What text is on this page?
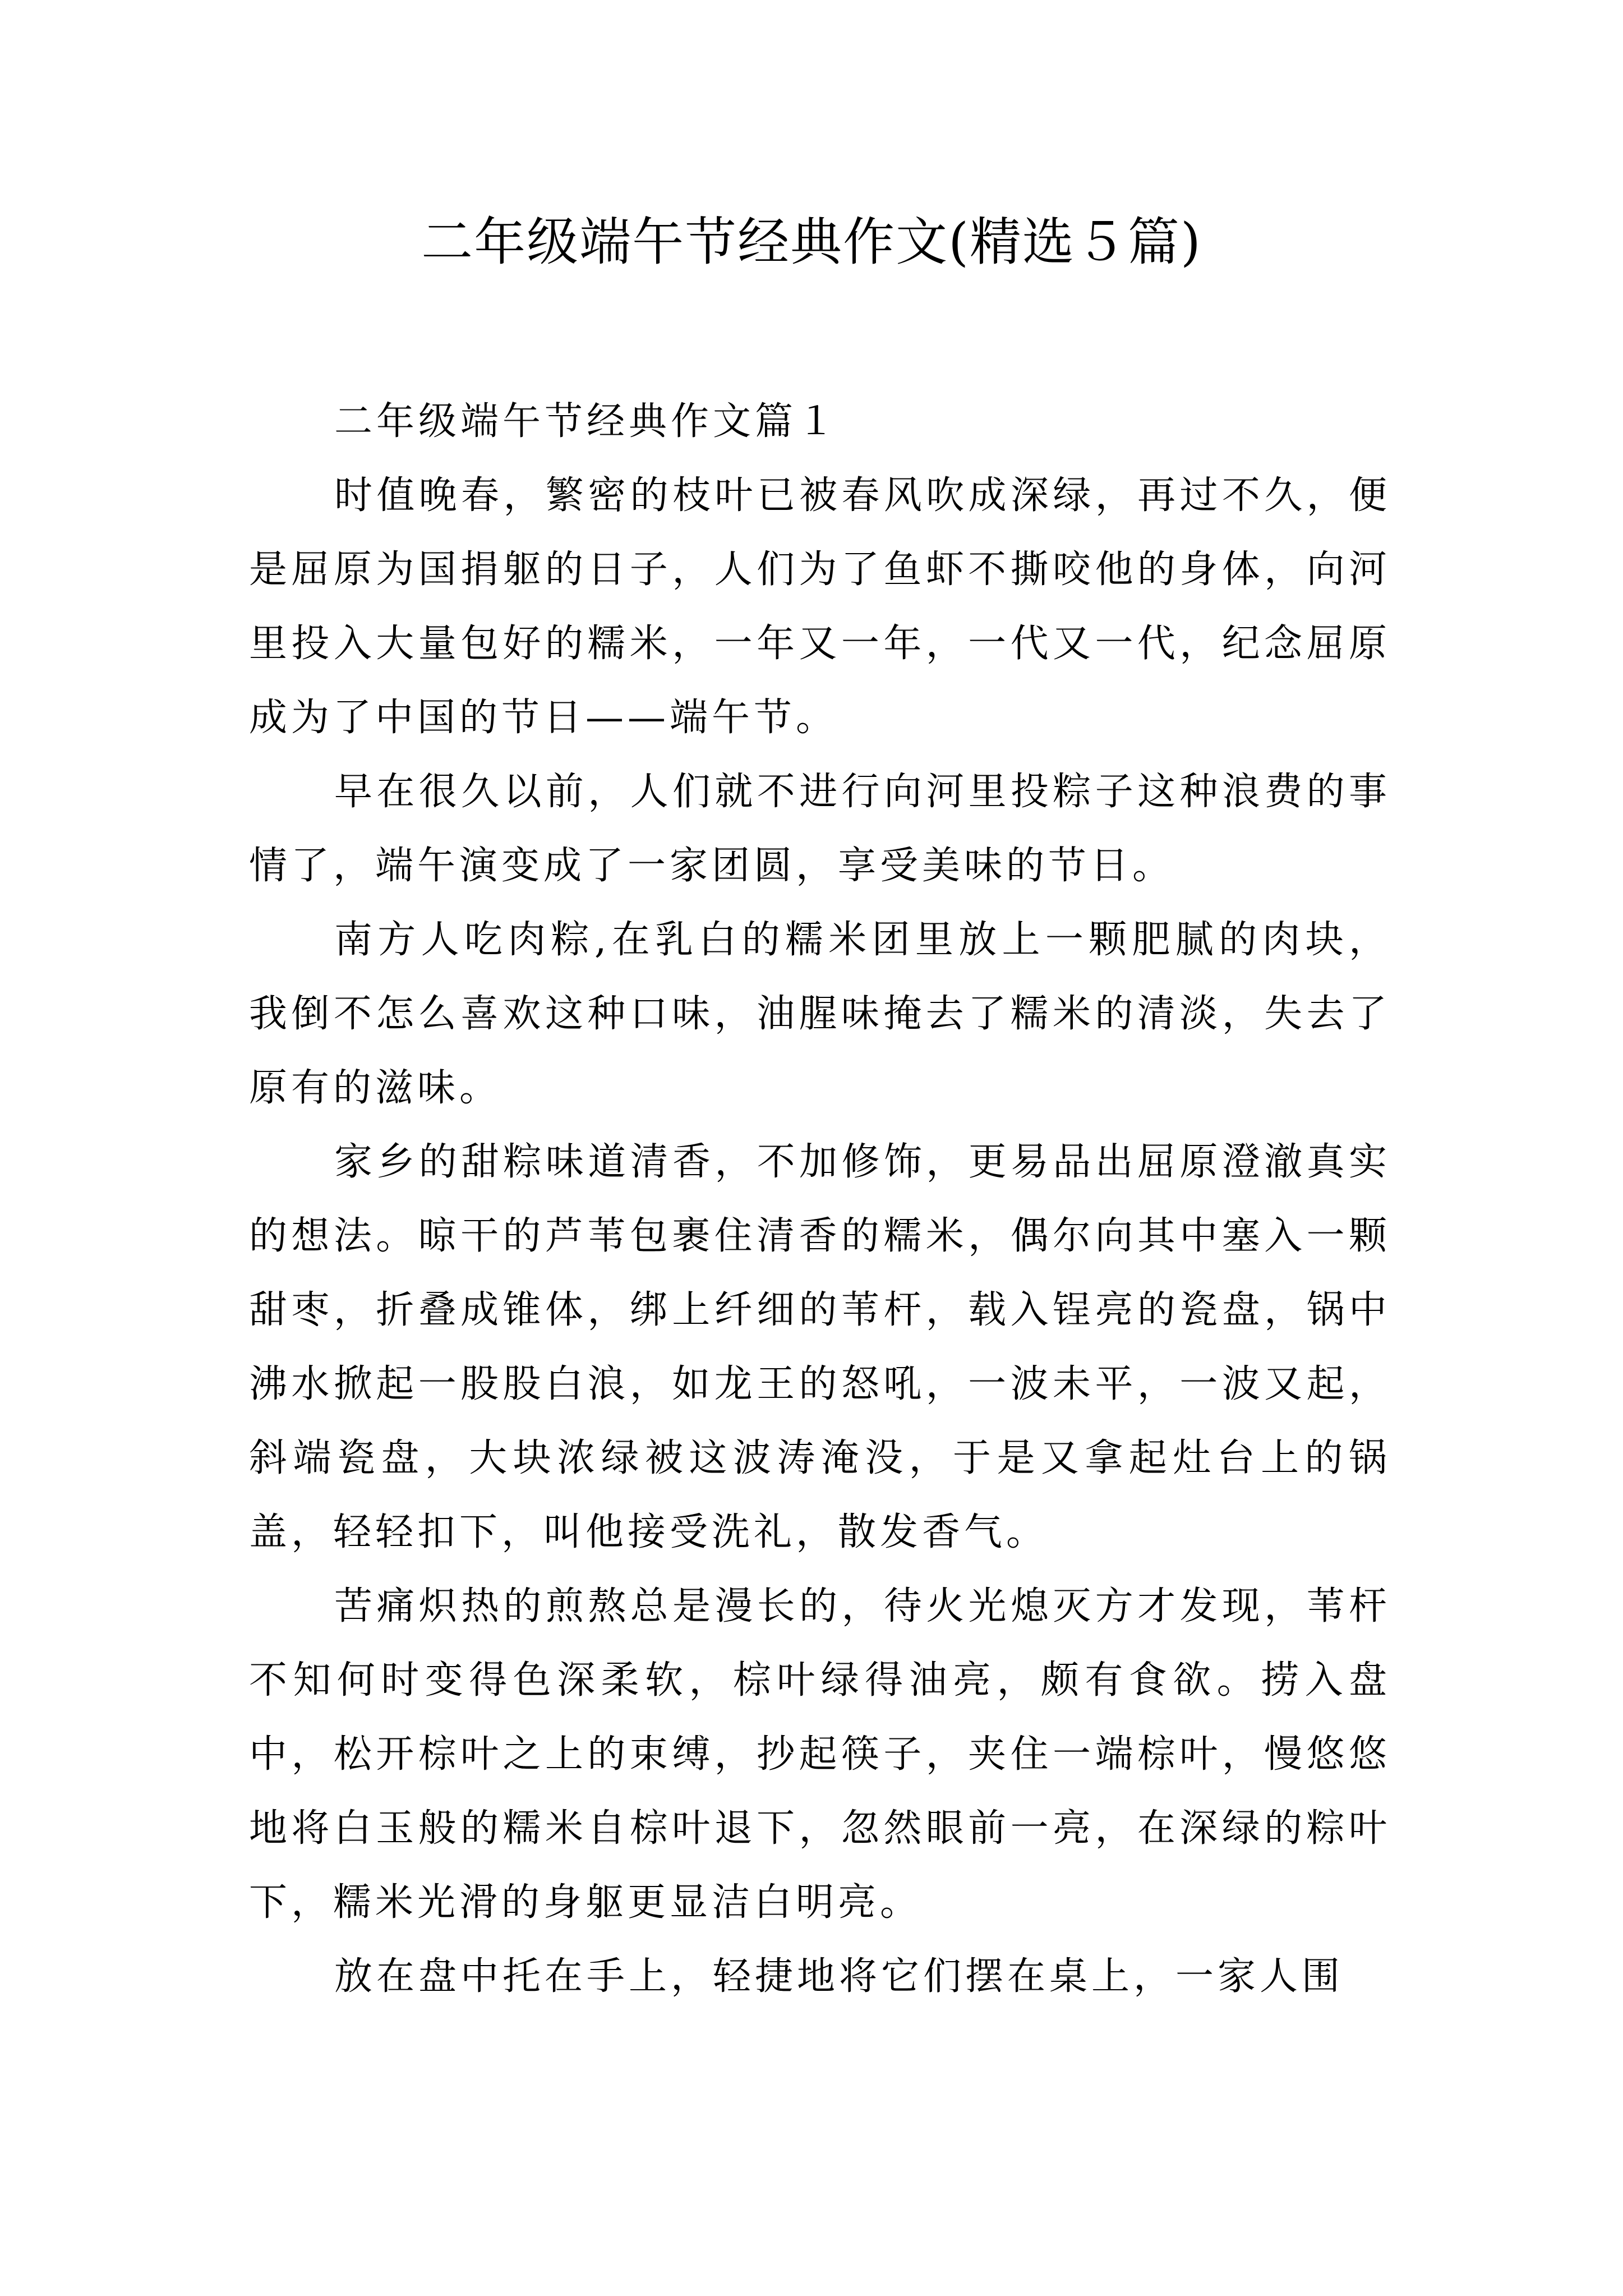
二年级端午节经典作文(精选５篇)

二年级端午节经典作文篇１

时值晚春，繁密的枝叶已被春风吹成深绿，再过不久，便是屈原为国捐躯的日子，人们为了鱼虾不撕咬他的身体，向河里投入大量包好的糯米，一年又一年，一代又一代，纪念屈原成为了中国的节日——端午节。

早在很久以前，人们就不进行向河里投粽子这种浪费的事情了，端午演变成了一家团圆，享受美味的节日。

南方人吃肉粽,在乳白的糯米团里放上一颗肥腻的肉块，我倒不怎么喜欢这种口味，油腥味掩去了糯米的清淡，失去了原有的滋味。

家乡的甜粽味道清香，不加修饰，更易品出屈原澄澈真实的想法。晾干的芦苇包裹住清香的糯米，偶尔向其中塞入一颗甜枣，折叠成锥体，绑上纤细的苇杆，载入锃亮的瓷盘，锅中沸水掀起一股股白浪，如龙王的怒吼，一波未平，一波又起，斜端瓷盘，大块浓绿被这波涛淹没，于是又拿起灶台上的锅盖，轻轻扣下，叫他接受洗礼，散发香气。

苦痛炽热的煎熬总是漫长的，待火光熄灭方才发现，苇杆不知何时变得色深柔软，棕叶绿得油亮，颇有食欲。捞入盘中，松开棕叶之上的束缚，抄起筷子，夹住一端棕叶，慢悠悠地将白玉般的糯米自棕叶退下，忽然眼前一亮，在深绿的粽叶下，糯米光滑的身躯更显洁白明亮。

放在盘中托在手上，轻捷地将它们摆在桌上，一家人围
